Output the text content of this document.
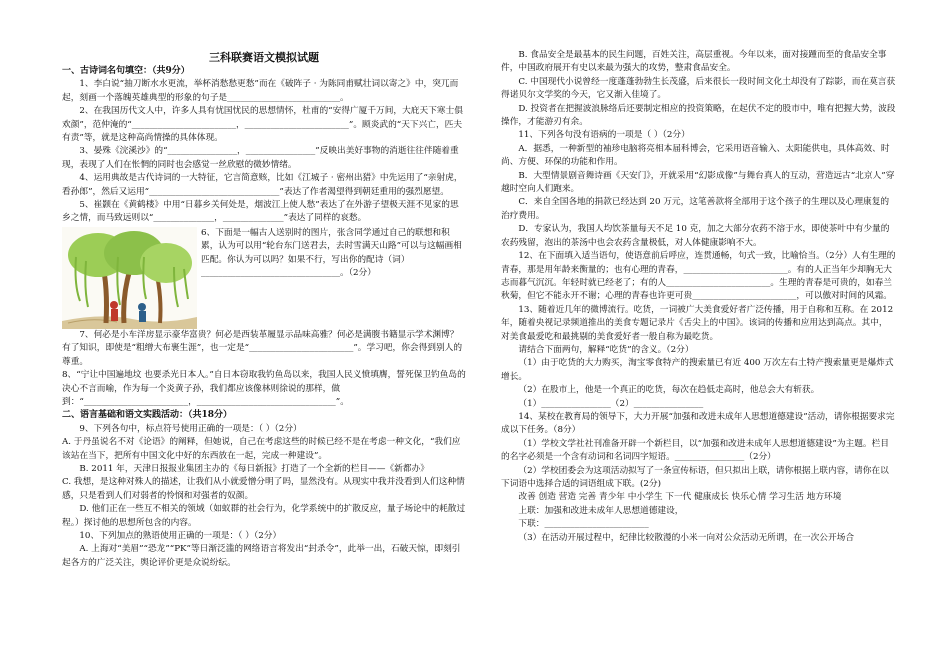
三科联赛语文模拟试题
一、古诗词名句填空：（共9分）
1、李白说“抽刀断水水更流，举杯消愁愁更愁”而在《破阵子 · 为陈同甫赋壮词以寄之》中，突兀而起，刻画一个落魄英雄典型的形象的句子是__________________________。
2、在我国历代文人中，许多人具有忧国忧民的思想情怀，杜甫的“安得广厦千万间，大庇天下寒士俱欢颜”，范仲淹的“________________________，________________________”。顾炎武的“天下兴亡，匹夫有责”等，就是这种高尚情操的具体体现。
3、晏殊《浣溪沙》的“________________，________________”反映出美好事物的消逝往往伴随着重现，表现了人们在怅惘的同时也会感觉一丝欣慰的微妙情绪。
4、运用典故是古代诗词的一大特征，它言简意赅，比如《江城子 · 密州出猎》中先运用了“亲射虎，看孙郎”，然后又运用“______________________________”表达了作者渴望得到朝廷重用的强烈愿望。
5、崔颢在《黄鹤楼》中用“日暮乡关何处是，烟波江上使人愁”表达了在外游子望极天涯不见家的思乡之情，而马致远则以“______________，______________”表达了同样的哀愁。
6、下面是一幅古人送别时的图片，张含同学通过自己的联想和积累，认为可以用“轮台东门送君去，去时雪满天山路”可以与这幅画相匹配。你认为可以吗？如果不行，写出你的配诗（词）________________________________。（2分）
7、何必是小车洋房显示豪华富贵？何必是西装革履显示品味高雅？何必是满腹书籍显示学术渊博？有了知识，即使是“粗缯大布裹生涯”，也一定是“________________________”。学习吧，你会得到别人的尊重。
8、“宁让中国遍地坟 也要杀光日本人。”自日本窃取我钓鱼岛以来，我国人民义愤填膺，誓死保卫钓鱼岛的决心不言而喻，作为每一个炎黄子孙，我们都应该像林则徐说的那样，做到：“________________________，________________________________”。
二、语言基础和语文实践活动：（共18分）
9、下列各句中，标点符号使用正确的一项是：（ ）（2分）
A. 于丹虽说名不对《论语》的阐释，但她说，自己在考虑这些的时候已经不是在考虑一种文化，“我们应该站在当下，把所有中国文化中好的东西放在一起，完成一种建设”。
B. 2011 年，天津日报报业集团主办的《每日新报》打造了一个全新的栏目——《新都办》
C. 我想，是这种对殊人的描述，让我们从小就爱憎分明了吗，显然没有。从现实中我并没看到人们这种情感，只是看到人们对弱者的怜悯和对强者的奴颜。
D. 他们正在一些互不相关的领域（如蚁群的社会行为，化学系统中的扩散反应，量子场论中的耗散过程。）探讨他的思想所包含的内容。
10、下列加点的熟语使用正确的一项是：（ ）（2分）
A. 上海对“美眉”“恐龙”“PK”等日渐泛滥的网络语言将发出“封杀令”，此举一出，石破天惊，即刻引起各方的广泛关注，舆论评价更是众说纷纭。
B. 食品安全是最基本的民生问题，百姓关注，高层重视。今年以来，面对接踵而至的食品安全事件，中国政府展开有史以来最为强大的攻势，整肃食品安全。
C. 中国现代小说曾经一度蓬蓬勃勃生长茂盛，后来很长一段时间文化土却没有了踪影，而在莫言获得诺贝尔文学奖的今天，它又渐入佳境了。
D. 投资者在把握波浪脉络后还要制定相应的投资策略，在起伏不定的股市中，唯有把握大势，波段操作，才能游刃有余。
11、下列各句没有语病的一项是（ ）（2分）
A．据悉，一种新型的袖珍电脑将亮相本届科博会，它采用语音输入、太阳能供电，具体高效、时尚、方便、环保的功能和作用。
B．大型情景剧音舞诗画《天安门》，开就采用“幻影成像”与舞台真人的互动，营造远古“北京人”穿越时空向人们跑来。
C．来自全国各地的捐款已经达到 20 万元，这笔善款将全部用于这个孩子的生理以及心理康复的治疗费用。
D．专家认为，我国人均饮茶量每天不足 10 克，加之大部分农药不溶于水，即使茶叶中有少量的农药残留，泡出的茶汤中也会农药含量极低，对人体健康影响不大。
12、在下面填入适当语句，使语意前后呼应，连贯通畅，句式一致，比喻恰当。（2分）人有生理的青春，那是用年龄来衡量的；也有心理的青春，________________________。有的人正当年少却胸无大志而暮气沉沉。年轻时就已经老了；有的人________________________。生理的青春是可贵的，如春兰秋菊，但它不能永开不谢；心理的青春也许更可贵________________________，可以傲对时间的风霜。
13、随着近几年的微博流行。吃货，一词被广大美食爱好者广泛传播，用于自称和互称。在 2012 年，随着央视记录频道推出的美食专题记录片《舌尖上的中国》。该词的传播和应用达到高点。其中，对美食最爱吃和最挑剔的美食爱好者一般自称为最吃货。
请结合下面两句，解释“吃货”的含义。（2分）
（1）由于吃货的大力购买，淘宝零食特产的搜索量已有近 400 万次左右土特产搜索量更是爆炸式增长。
（2）在股市上，他是一个真正的吃货，每次在趋低走高时，他总会大有斩获。
（1）________________（2）________________
14、某校在教育局的领导下，大力开展“加强和改进未成年人思想道德建设”活动，请你根据要求完成以下任务。（8分）
（1）学校文学社社刊准备开辟一个新栏目，以“加强和改进未成年人思想道德建设”为主题。栏目的名字必须是一个含有动词和名词四字短语。________________（2分）
（2）学校团委会为这项活动拟写了一条宣传标语，但只拟出上联，请你根据上联内容，请你在以下词语中选择合适的词语组成下联。(2分)
改善 创造 营造 完善 青少年 中小学生 下一代 健康成长 快乐心情 学习生活 地方环境
上联：加强和改进未成年人思想道德建设，
下联：________________________
（3）在活动开展过程中，纪律比较散漫的小米一向对公众活动无所谓，在一次公开场合
